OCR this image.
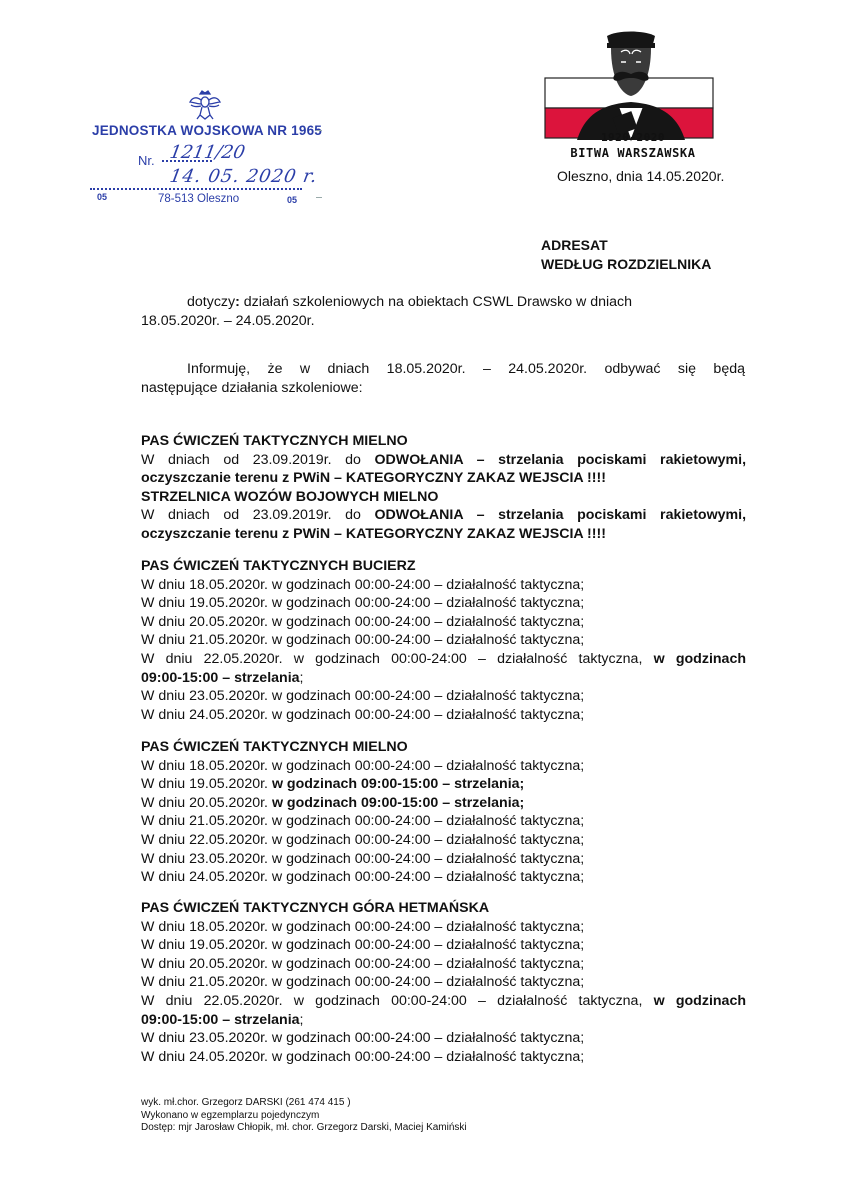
JEDNOSTKA WOJSKOWA NR 1965
Nr. 1211/20
14. 05. 2020 r.
05	78-513 Oleszno	05
1920-2020
BITWA WARSZAWSKA
Oleszno, dnia 14.05.2020r.
ADRESAT
WEDŁUG ROZDZIELNIKA
dotyczy: działań szkoleniowych na obiektach CSWL Drawsko w dniach
18.05.2020r. – 24.05.2020r.
Informuję, że w dniach 18.05.2020r. – 24.05.2020r. odbywać się będą
następujące działania szkoleniowe:
PAS ĆWICZEŃ TAKTYCZNYCH MIELNO
W dniach od 23.09.2019r. do ODWOŁANIA – strzelania pociskami rakietowymi,
oczyszczanie terenu z PWiN – KATEGORYCZNY ZAKAZ WEJSCIA !!!!
STRZELNICA WOZÓW BOJOWYCH MIELNO
W dniach od 23.09.2019r. do ODWOŁANIA – strzelania pociskami rakietowymi,
oczyszczanie terenu z PWiN – KATEGORYCZNY ZAKAZ WEJSCIA !!!!
PAS ĆWICZEŃ TAKTYCZNYCH BUCIERZ
W dniu 18.05.2020r. w godzinach 00:00-24:00 – działalność taktyczna;
W dniu 19.05.2020r. w godzinach 00:00-24:00 – działalność taktyczna;
W dniu 20.05.2020r. w godzinach 00:00-24:00 – działalność taktyczna;
W dniu 21.05.2020r. w godzinach 00:00-24:00 – działalność taktyczna;
W dniu 22.05.2020r. w godzinach 00:00-24:00 – działalność taktyczna, w godzinach
09:00-15:00 – strzelania;
W dniu 23.05.2020r. w godzinach 00:00-24:00 – działalność taktyczna;
W dniu 24.05.2020r. w godzinach 00:00-24:00 – działalność taktyczna;
PAS ĆWICZEŃ TAKTYCZNYCH MIELNO
W dniu 18.05.2020r. w godzinach 00:00-24:00 – działalność taktyczna;
W dniu 19.05.2020r. w godzinach 09:00-15:00 – strzelania;
W dniu 20.05.2020r. w godzinach 09:00-15:00 – strzelania;
W dniu 21.05.2020r. w godzinach 00:00-24:00 – działalność taktyczna;
W dniu 22.05.2020r. w godzinach 00:00-24:00 – działalność taktyczna;
W dniu 23.05.2020r. w godzinach 00:00-24:00 – działalność taktyczna;
W dniu 24.05.2020r. w godzinach 00:00-24:00 – działalność taktyczna;
PAS ĆWICZEŃ TAKTYCZNYCH GÓRA HETMAŃSKA
W dniu 18.05.2020r. w godzinach 00:00-24:00 – działalność taktyczna;
W dniu 19.05.2020r. w godzinach 00:00-24:00 – działalność taktyczna;
W dniu 20.05.2020r. w godzinach 00:00-24:00 – działalność taktyczna;
W dniu 21.05.2020r. w godzinach 00:00-24:00 – działalność taktyczna;
W dniu 22.05.2020r. w godzinach 00:00-24:00 – działalność taktyczna, w godzinach
09:00-15:00 – strzelania;
W dniu 23.05.2020r. w godzinach 00:00-24:00 – działalność taktyczna;
W dniu 24.05.2020r. w godzinach 00:00-24:00 – działalność taktyczna;
wyk. mł.chor. Grzegorz DARSKI (261 474 415 )
Wykonano w egzemplarzu pojedynczym
Dostęp: mjr Jarosław Chłopik, mł. chor. Grzegorz Darski, Maciej Kamiński
